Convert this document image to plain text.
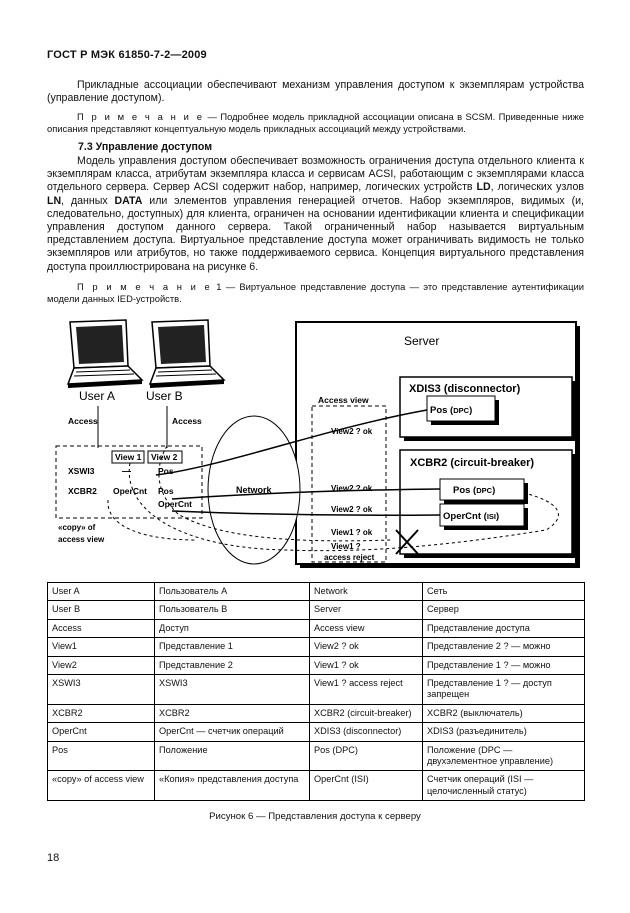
ГОСТ Р МЭК 61850-7-2—2009
Прикладные ассоциации обеспечивают механизм управления доступом к экземплярам устройства (управление доступом).
П р и м е ч а н и е — Подробнее модель прикладной ассоциации описана в SCSM. Приведенные ниже описания представляют концептуальную модель прикладных ассоциаций между устройствами.
7.3 Управление доступом
Модель управления доступом обеспечивает возможность ограничения доступа отдельного клиента к экземплярам класса, атрибутам экземпляра класса и сервисам ACSI, работающим с экземплярами класса отдельного сервера. Сервер ACSI содержит набор, например, логических устройств LD, логических узлов LN, данных DATA или элементов управления генерацией отчетов. Набор экземпляров, видимых (и, следовательно, доступных) для клиента, ограничен на основании идентификации клиента и спецификации управления доступом данного сервера. Такой ограниченный набор называется виртуальным представлением доступа. Виртуальное представление доступа может ограничивать видимость не только экземпляров или атрибутов, но также поддерживаемого сервиса. Концепция виртуального представления доступа проиллюстрирована на рисунке 6.
П р и м е ч а н и е 1 — Виртуальное представление доступа — это представление аутентификации модели данных IED-устройств.
Server
XDIS3 (disconnector)
Pos (DPC)
XCBR2 (circuit-breaker)
Pos (DPC)
OperCnt (ISI)
Access view
View2 ? ok
View2 ? ok
View2 ? ok
View1 ? ok
View1 ?
access reject
Network
User A	User B
Access	Access
View 1 View 2
XSWI3	—	Pos
XCBR2 OperCnt Pos
OperCnt
«copy» of
access view
User A	Пользователь А	Network	Сеть
User B	Пользователь B	Server	Сервер
Access	Доступ	Access view	Представление доступа
View1	Представление 1	View2 ? ok	Представление 2 ? — можно
View2	Представление 2	View1 ? ok	Представление 1 ? — можно
XSWI3	XSWI3	View1 ? access reject	Представление 1 ? — доступ запрещен
XCBR2	XCBR2	XCBR2 (circuit-breaker)	XCBR2 (выключатель)
OperCnt	OperCnt — счетчик операций	XDIS3 (disconnector)	XDIS3 (разъединитель)
Pos	Положение	Pos (DPC)	Положение (DPC — двухэлементное управление)
«copy» of access view	«Копия» представления доступа	OperCnt (ISI)	Счетчик операций (ISI — целочисленный статус)
Рисунок 6 — Представления доступа к серверу
18
